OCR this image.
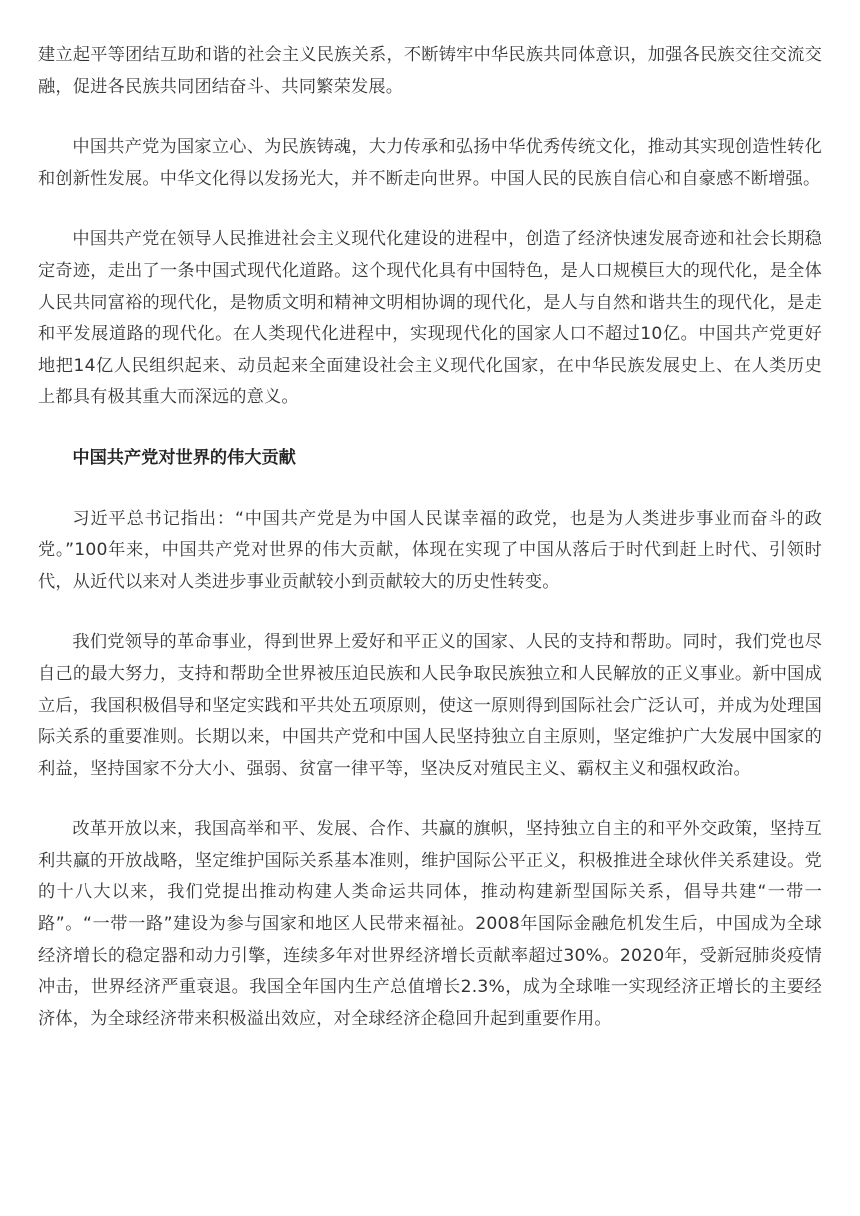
建立起平等团结互助和谐的社会主义民族关系，不断铸牢中华民族共同体意识，加强各民族交往交流交融，促进各民族共同团结奋斗、共同繁荣发展。

中国共产党为国家立心、为民族铸魂，大力传承和弘扬中华优秀传统文化，推动其实现创造性转化和创新性发展。中华文化得以发扬光大，并不断走向世界。中国人民的民族自信心和自豪感不断增强。

中国共产党在领导人民推进社会主义现代化建设的进程中，创造了经济快速发展奇迹和社会长期稳定奇迹，走出了一条中国式现代化道路。这个现代化具有中国特色，是人口规模巨大的现代化，是全体人民共同富裕的现代化，是物质文明和精神文明相协调的现代化，是人与自然和谐共生的现代化，是走和平发展道路的现代化。在人类现代化进程中，实现现代化的国家人口不超过10亿。中国共产党更好地把14亿人民组织起来、动员起来全面建设社会主义现代化国家，在中华民族发展史上、在人类历史上都具有极其重大而深远的意义。

中国共产党对世界的伟大贡献

习近平总书记指出：“中国共产党是为中国人民谋幸福的政党，也是为人类进步事业而奋斗的政党。”100年来，中国共产党对世界的伟大贡献，体现在实现了中国从落后于时代到赶上时代、引领时代，从近代以来对人类进步事业贡献较小到贡献较大的历史性转变。

我们党领导的革命事业，得到世界上爱好和平正义的国家、人民的支持和帮助。同时，我们党也尽自己的最大努力，支持和帮助全世界被压迫民族和人民争取民族独立和人民解放的正义事业。新中国成立后，我国积极倡导和坚定实践和平共处五项原则，使这一原则得到国际社会广泛认可，并成为处理国际关系的重要准则。长期以来，中国共产党和中国人民坚持独立自主原则，坚定维护广大发展中国家的利益，坚持国家不分大小、强弱、贫富一律平等，坚决反对殖民主义、霸权主义和强权政治。

改革开放以来，我国高举和平、发展、合作、共赢的旗帜，坚持独立自主的和平外交政策，坚持互利共赢的开放战略，坚定维护国际关系基本准则，维护国际公平正义，积极推进全球伙伴关系建设。党的十八大以来，我们党提出推动构建人类命运共同体，推动构建新型国际关系，倡导共建“一带一路”。“一带一路”建设为参与国家和地区人民带来福祉。2008年国际金融危机发生后，中国成为全球经济增长的稳定器和动力引擎，连续多年对世界经济增长贡献率超过30%。2020年，受新冠肺炎疫情冲击，世界经济严重衰退。我国全年国内生产总值增长2.3%，成为全球唯一实现经济正增长的主要经济体，为全球经济带来积极溢出效应，对全球经济企稳回升起到重要作用。
